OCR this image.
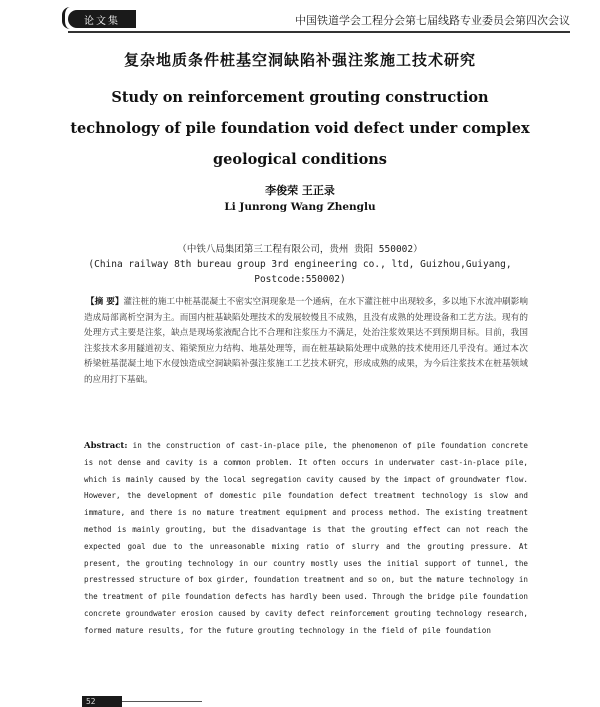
论文集	中国铁道学会工程分会第七届线路专业委员会第四次会议
复杂地质条件桩基空洞缺陷补强注浆施工技术研究
Study on reinforcement grouting construction technology of pile foundation void defect under complex geological conditions
李俊荣 王正录
Li Junrong Wang Zhenglu
（中铁八局集团第三工程有限公司，贵州 贵阳 550002）
(China railway 8th bureau group 3rd engineering co., ltd, Guizhou,Guiyang, Postcode:550002)
【摘 要】灌注桩的施工中桩基混凝土不密实空洞现象是一个通病，在水下灌注桩中出现较多，多以地下水流冲刷影响造成局部离析空洞为主。而国内桩基缺陷处理技术的发展较慢且不成熟，且没有成熟的处理设备和工艺方法。现有的处理方式主要是注浆，缺点是现场浆液配合比不合理和注浆压力不满足，处治注浆效果达不到预期目标。目前，我国注浆技术多用隧道初支、箱梁预应力结构、地基处理等，而在桩基缺陷处理中成熟的技术使用还几乎没有。通过本次桥梁桩基混凝土地下水侵蚀造成空洞缺陷补强注浆施工工艺技术研究，形成成熟的成果，为今后注浆技术在桩基领域的应用打下基础。
Abstract: in the construction of cast-in-place pile, the phenomenon of pile foundation concrete is not dense and cavity is a common problem. It often occurs in underwater cast-in-place pile, which is mainly caused by the local segregation cavity caused by the impact of groundwater flow. However, the development of domestic pile foundation defect treatment technology is slow and immature, and there is no mature treatment equipment and process method. The existing treatment method is mainly grouting, but the disadvantage is that the grouting effect can not reach the expected goal due to the unreasonable mixing ratio of slurry and the grouting pressure. At present, the grouting technology in our country mostly uses the initial support of tunnel, the prestressed structure of box girder, foundation treatment and so on, but the mature technology in the treatment of pile foundation defects has hardly been used. Through the bridge pile foundation concrete groundwater erosion caused by cavity defect reinforcement grouting technology research, formed mature results, for the future grouting technology in the field of pile foundation
52
